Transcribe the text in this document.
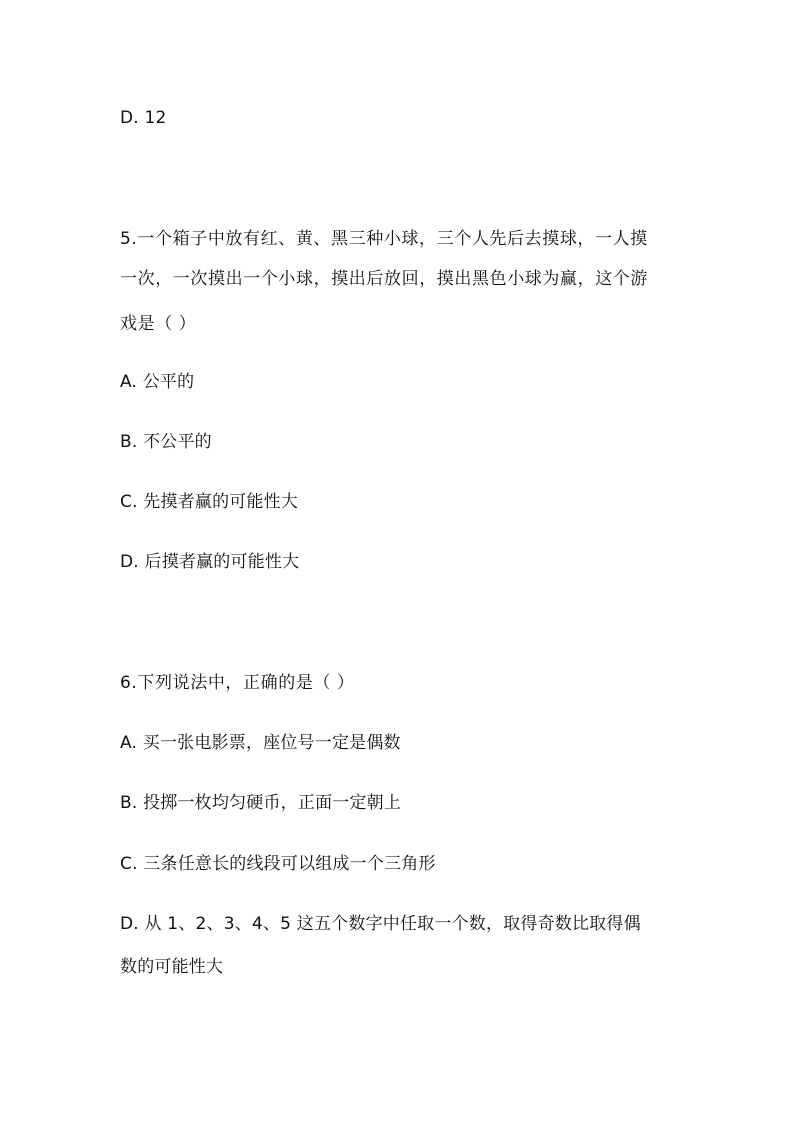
D. 12
5.一个箱子中放有红、黄、黑三种小球，三个人先后去摸球，一人摸
一次，一次摸出一个小球，摸出后放回，摸出黑色小球为赢，这个游
戏是（ ）
A. 公平的
B. 不公平的
C. 先摸者赢的可能性大
D. 后摸者赢的可能性大
6.下列说法中，正确的是（ ）
A. 买一张电影票，座位号一定是偶数
B. 投掷一枚均匀硬币，正面一定朝上
C. 三条任意长的线段可以组成一个三角形
D. 从 1、2、3、4、5 这五个数字中任取一个数，取得奇数比取得偶
数的可能性大
